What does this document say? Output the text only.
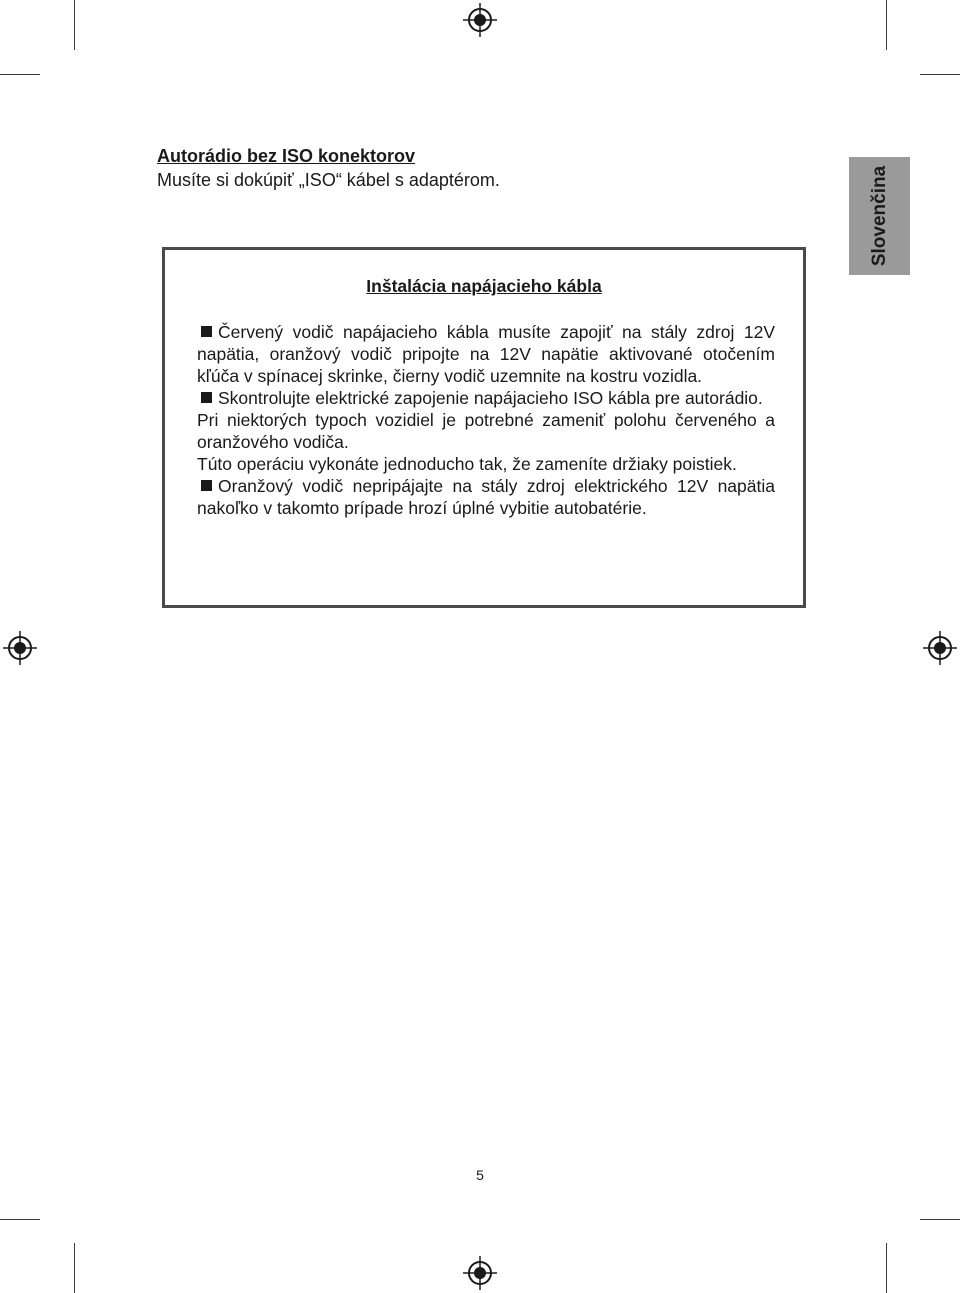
Slovenčina
Autorádio bez ISO konektorov

Musíte si dokúpiť „ISO“ kábel s adaptérom.

Inštalácia napájacieho kábla

Červený vodič napájacieho kábla musíte zapojiť na stály zdroj 12V napätia, oranžový vodič pripojte na 12V napätie aktivované otočením kľúča v spínacej skrinke, čierny vodič uzemnite na kostru vozidla.

Skontrolujte elektrické zapojenie napájacieho ISO kábla pre autorádio.

Pri niektorých typoch vozidiel je potrebné zameniť polohu červeného a oranžového vodiča.

Túto operáciu vykonáte jednoducho tak, že zameníte držiaky poistiek.

Oranžový vodič nepripájajte na stály zdroj elektrického 12V napätia nakoľko v takomto prípade hrozí úplné vybitie autobatérie.

5
